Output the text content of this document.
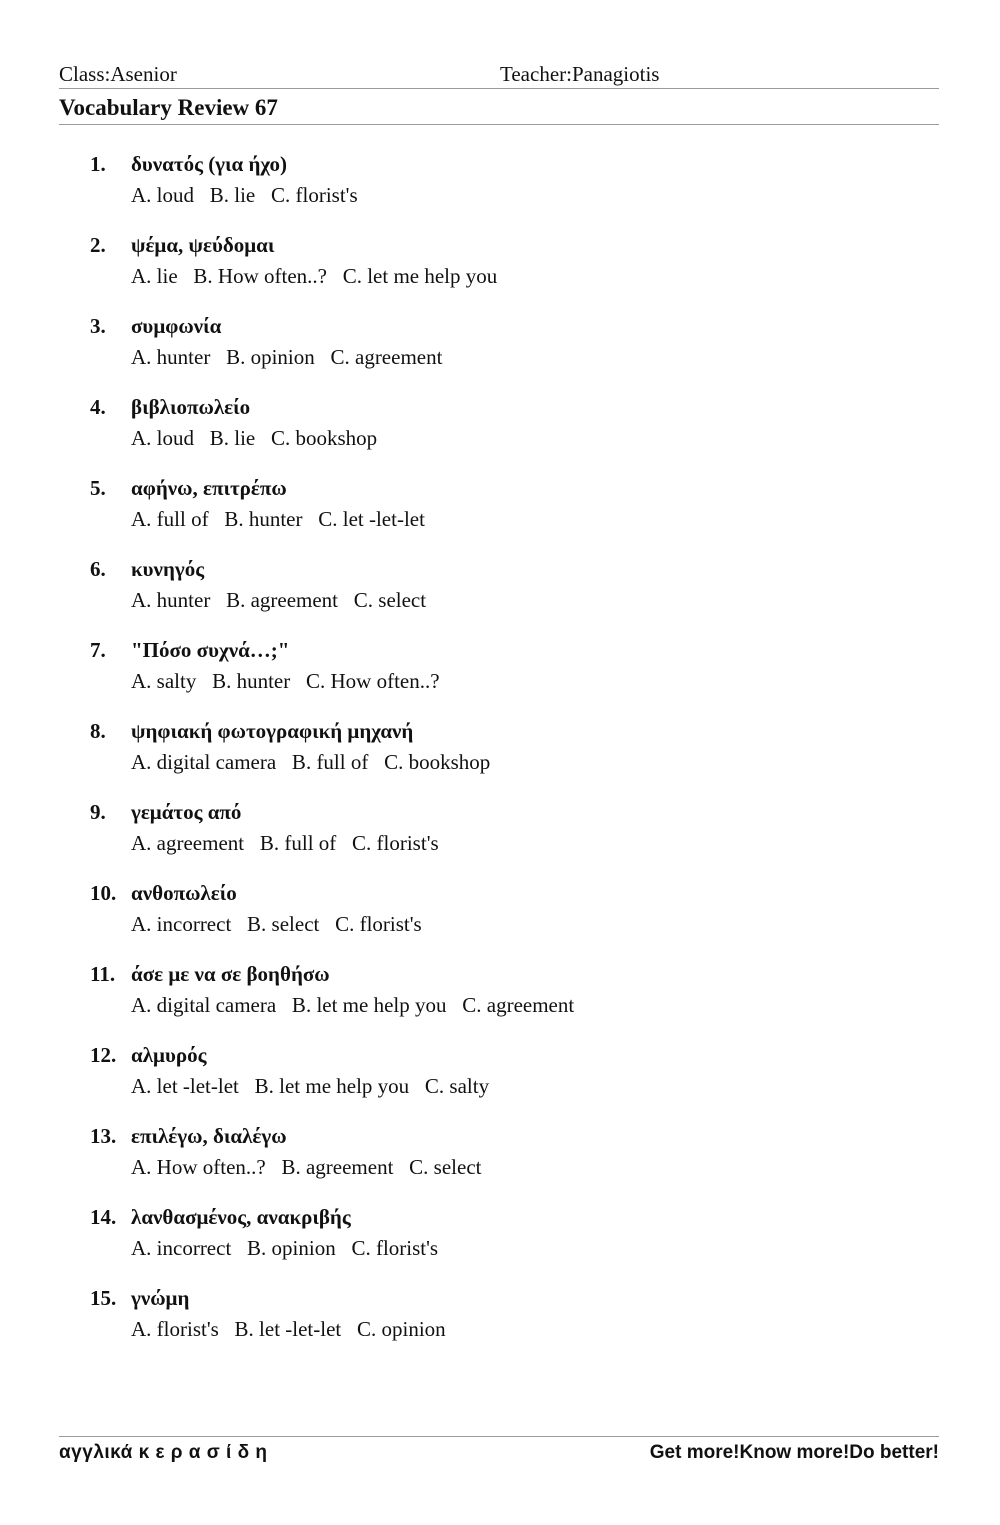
Class:Asenior	Teacher:Panagiotis
Vocabulary Review 67
1. δυνατός (για ήχο)
A. loud   B. lie   C. florist's
2. ψέμα, ψεύδομαι
A. lie   B. How often..?   C. let me help you
3. συμφωνία
A. hunter   B. opinion   C. agreement
4. βιβλιοπωλείο
A. loud   B. lie   C. bookshop
5. αφήνω, επιτρέπω
A. full of   B. hunter   C. let -let-let
6. κυνηγός
A. hunter   B. agreement   C. select
7. "Πόσο συχνά…;"
A. salty   B. hunter   C. How often..?
8. ψηφιακή φωτογραφική μηχανή
A. digital camera   B. full of   C. bookshop
9. γεμάτος από
A. agreement   B. full of   C. florist's
10. ανθοπωλείο
A. incorrect   B. select   C. florist's
11. άσε με να σε βοηθήσω
A. digital camera   B. let me help you   C. agreement
12. αλμυρός
A. let -let-let   B. let me help you   C. salty
13. επιλέγω, διαλέγω
A. How often..?   B. agreement   C. select
14. λανθασμένος, ανακριβής
A. incorrect   B. opinion   C. florist's
15. γνώμη
A. florist's   B. let -let-let   C. opinion
αγγλικά κ ε ρ α σ ί δ η	Get more!Know more!Do better!
